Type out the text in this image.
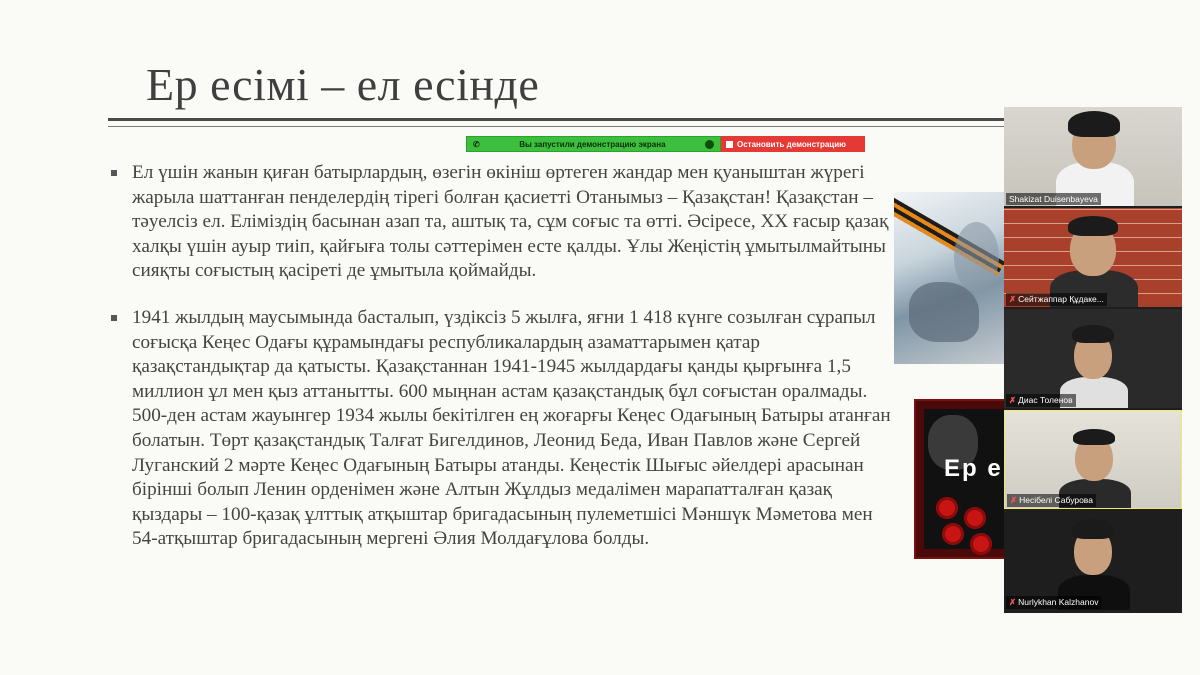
Ер есімі – ел есінде
✆	Вы запустили демонстрацию экрана	Остановить демонстрацию
Ел үшін жанын қиған батырлардың, өзегін өкініш өртеген жандар мен қуаныштан жүрегі жарыла шаттанған пенделердің тірегі болған қасиетті Отанымыз – Қазақстан! Қазақстан – тәуелсіз ел. Еліміздің басынан азап та, аштық та, сұм соғыс та өтті. Әсіресе, ХХ ғасыр қазақ халқы үшін ауыр тиіп, қайғыға толы сәттерімен есте қалды. Ұлы Жеңістің ұмытылмайтыны сияқты соғыстың қасіреті де ұмытыла қоймайды.
1941 жылдың маусымында басталып, үздіксіз 5 жылға, яғни 1 418 күнге созылған сұрапыл соғысқа Кеңес Одағы құрамындағы республикалардың азаматтарымен қатар қазақстандықтар да қатысты. Қазақстаннан 1941-1945 жылдардағы қанды қырғынға 1,5 миллион ұл мен қыз аттанытты. 600 мыңнан астам қазақстандық бұл соғыстан оралмады. 500-ден астам жауынгер 1934 жылы бекітілген ең жоғарғы Кеңес Одағының Батыры атанған болатын. Төрт қазақстандық Талғат Бигелдинов, Леонид Беда, Иван Павлов және Сергей Луганский 2 мәрте Кеңес Одағының Батыры атанды. Кеңестік Шығыс әйелдері арасынан бірінші болып Ленин орденімен және Алтын Жұлдыз медалімен марапатталған қазақ қыздары – 100-қазақ ұлттық атқыштар бригадасының пулеметшісі Мәншүк Мәметова мен 54-атқыштар бригадасының мергені Әлия Молдағұлова болды.
Ер е
Shakizat Duisenbayeva
✗ Сейтжаппар Құдаке...
✗ Диас Толенов
✗ Несібелі Сабурова
✗ Nurlykhan Kalzhanov
